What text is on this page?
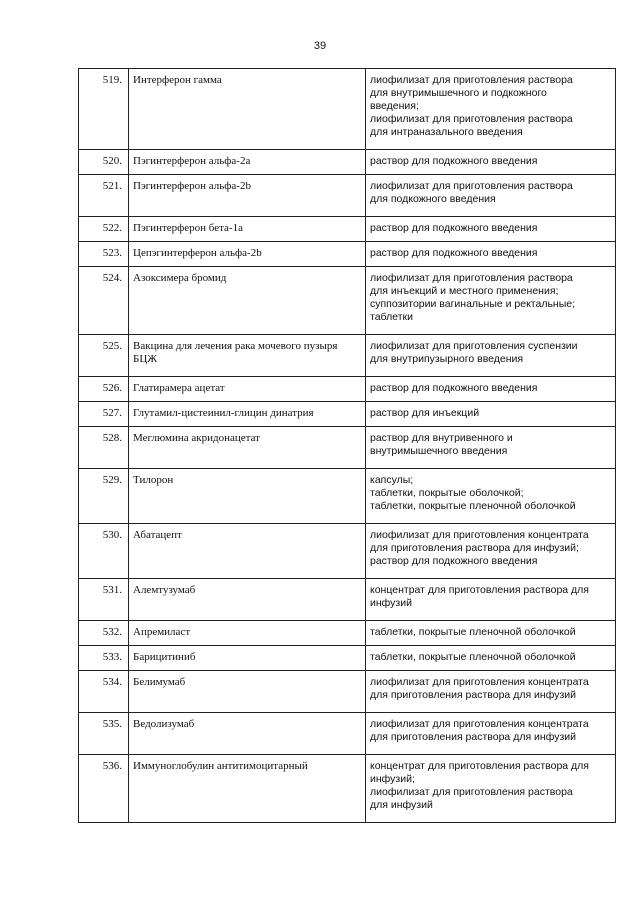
39
519.	Интерферон гамма	лиофилизат для приготовления раствора
для внутримышечного и подкожного
введения;
лиофилизат для приготовления раствора
для интраназального введения

520.	Пэгинтерферон альфа-2а	раствор для подкожного введения

521.	Пэгинтерферон альфа-2b	лиофилизат для приготовления раствора
для подкожного введения

522.	Пэгинтерферон бета-1а	раствор для подкожного введения

523.	Цепэгинтерферон альфа-2b	раствор для подкожного введения

524.	Азоксимера бромид	лиофилизат для приготовления раствора
для инъекций и местного применения;
суппозитории вагинальные и ректальные;
таблетки

525.	Вакцина для лечения рака мочевого пузыря БЦЖ	лиофилизат для приготовления суспензии
для внутрипузырного введения

526.	Глатирамера ацетат	раствор для подкожного введения

527.	Глутамил-цистеинил-глицин динатрия	раствор для инъекций

528.	Меглюмина акридонацетат	раствор для внутривенного и
внутримышечного введения

529.	Тилорон	капсулы;
таблетки, покрытые оболочкой;
таблетки, покрытые пленочной оболочкой

530.	Абатацепт	лиофилизат для приготовления концентрата
для приготовления раствора для инфузий;
раствор для подкожного введения

531.	Алемтузумаб	концентрат для приготовления раствора для
инфузий

532.	Апремиласт	таблетки, покрытые пленочной оболочкой

533.	Барицитиниб	таблетки, покрытые пленочной оболочкой

534.	Белимумаб	лиофилизат для приготовления концентрата
для приготовления раствора для инфузий

535.	Ведолизумаб	лиофилизат для приготовления концентрата
для приготовления раствора для инфузий

536.	Иммуноглобулин антитимоцитарный	концентрат для приготовления раствора для
инфузий;
лиофилизат для приготовления раствора
для инфузий
